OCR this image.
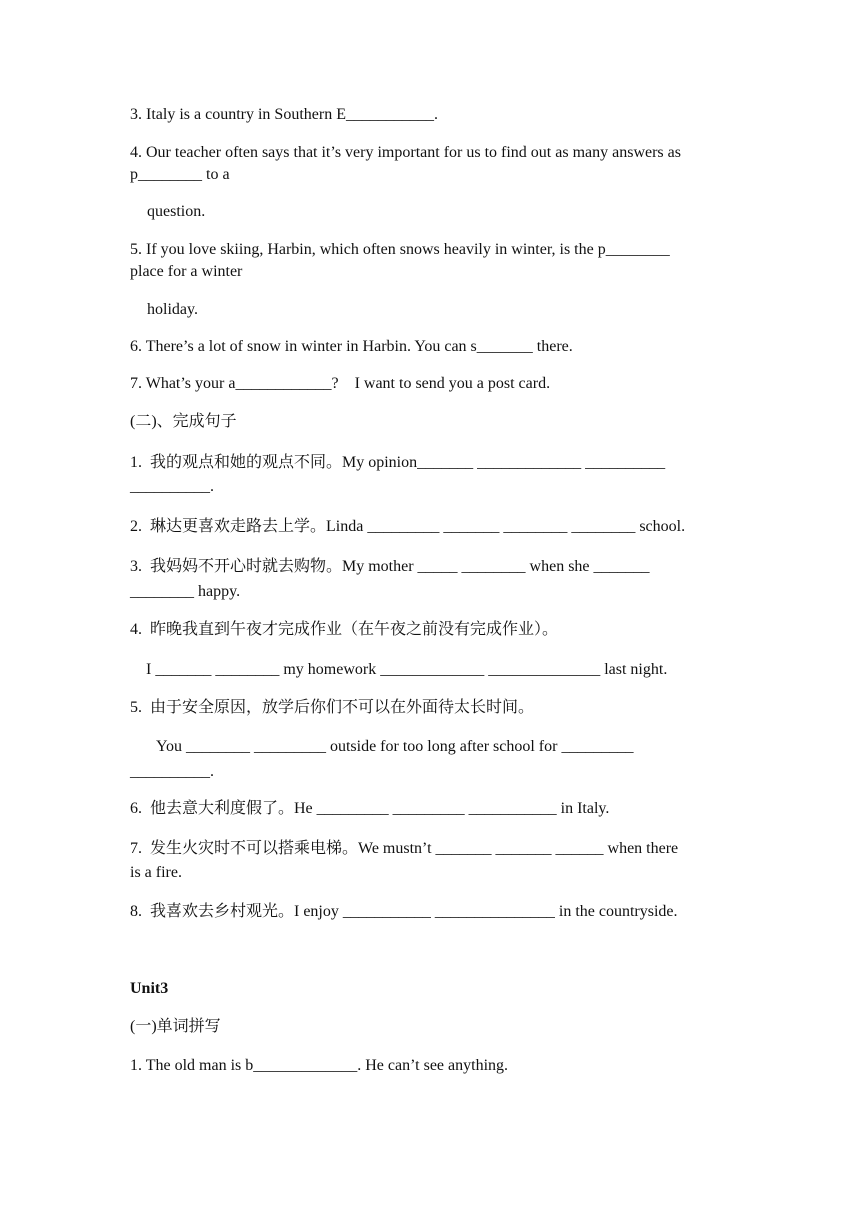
3. Italy is a country in Southern E___________.
4. Our teacher often says that it’s very important for us to find out as many answers as
p________ to a
question.
5. If you love skiing, Harbin, which often snows heavily in winter, is the p________
place for a winter
holiday.
6. There’s a lot of snow in winter in Harbin. You can s_______ there.
7. What’s your a____________?    I want to send you a post card.
(二)、完成句子
1.  我的观点和她的观点不同。My opinion_______ _____________ __________
__________.
2.  琳达更喜欢走路去上学。Linda _________ _______ ________ ________ school.
3.  我妈妈不开心时就去购物。My mother _____ ________ when she _______
________ happy.
4.  昨晚我直到午夜才完成作业（在午夜之前没有完成作业）。
I _______ ________ my homework _____________ ______________ last night.
5.  由于安全原因，放学后你们不可以在外面待太长时间。
You ________ _________ outside for too long after school for _________
__________.
6.  他去意大利度假了。He _________ _________ ___________ in Italy.
7.  发生火灾时不可以搭乘电梯。We mustn’t _______ _______ ______ when there
is a fire.
8.  我喜欢去乡村观光。I enjoy ___________ _______________ in the countryside.
Unit3
(一)单词拼写
1. The old man is b_____________. He can’t see anything.
